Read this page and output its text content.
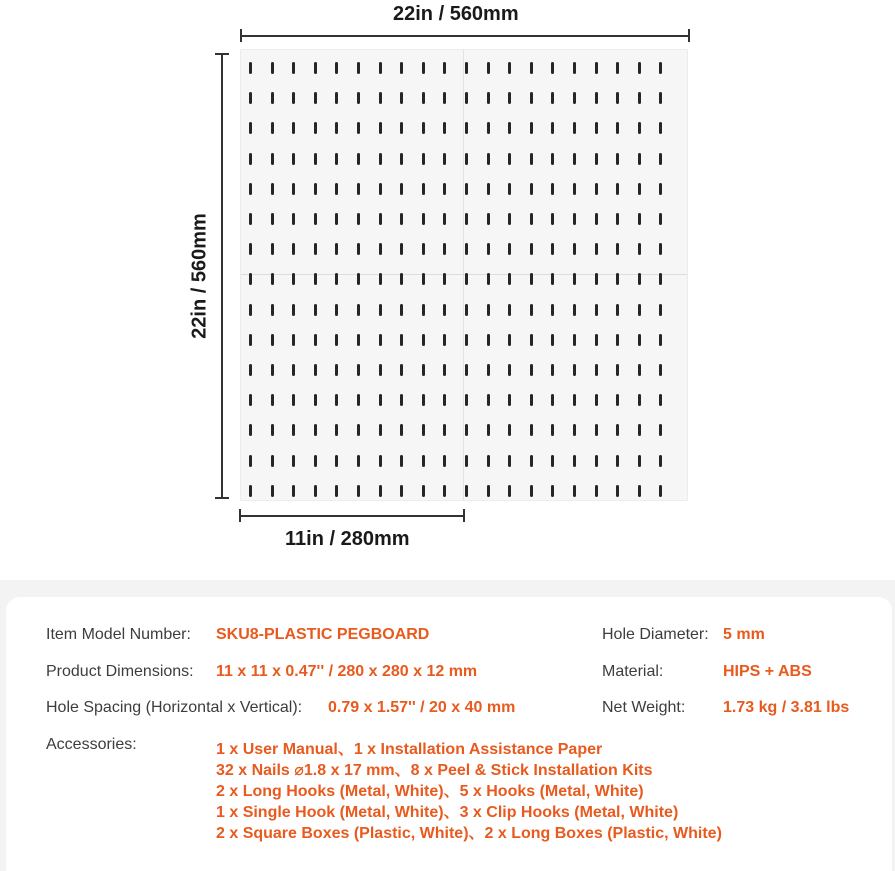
22in / 560mm
22in / 560mm
11in / 280mm
Item Model Number: SKU8-PLASTIC PEGBOARD
Product Dimensions: 11 x 11 x 0.47'' / 280 x 280 x 12 mm
Hole Spacing (Horizontal x Vertical): 0.79 x 1.57'' / 20 x 40 mm
Hole Diameter: 5 mm
Material:	HIPS + ABS
Net Weight: 1.73 kg / 3.81 lbs
Accessories:	1 x User Manual、1 x Installation Assistance Paper
32 x Nails ⌀1.8 x 17 mm、8 x Peel & Stick Installation Kits
2 x Long Hooks (Metal, White)、5 x Hooks (Metal, White)
1 x Single Hook (Metal, White)、3 x Clip Hooks (Metal, White)
2 x Square Boxes (Plastic, White)、2 x Long Boxes (Plastic, White)
